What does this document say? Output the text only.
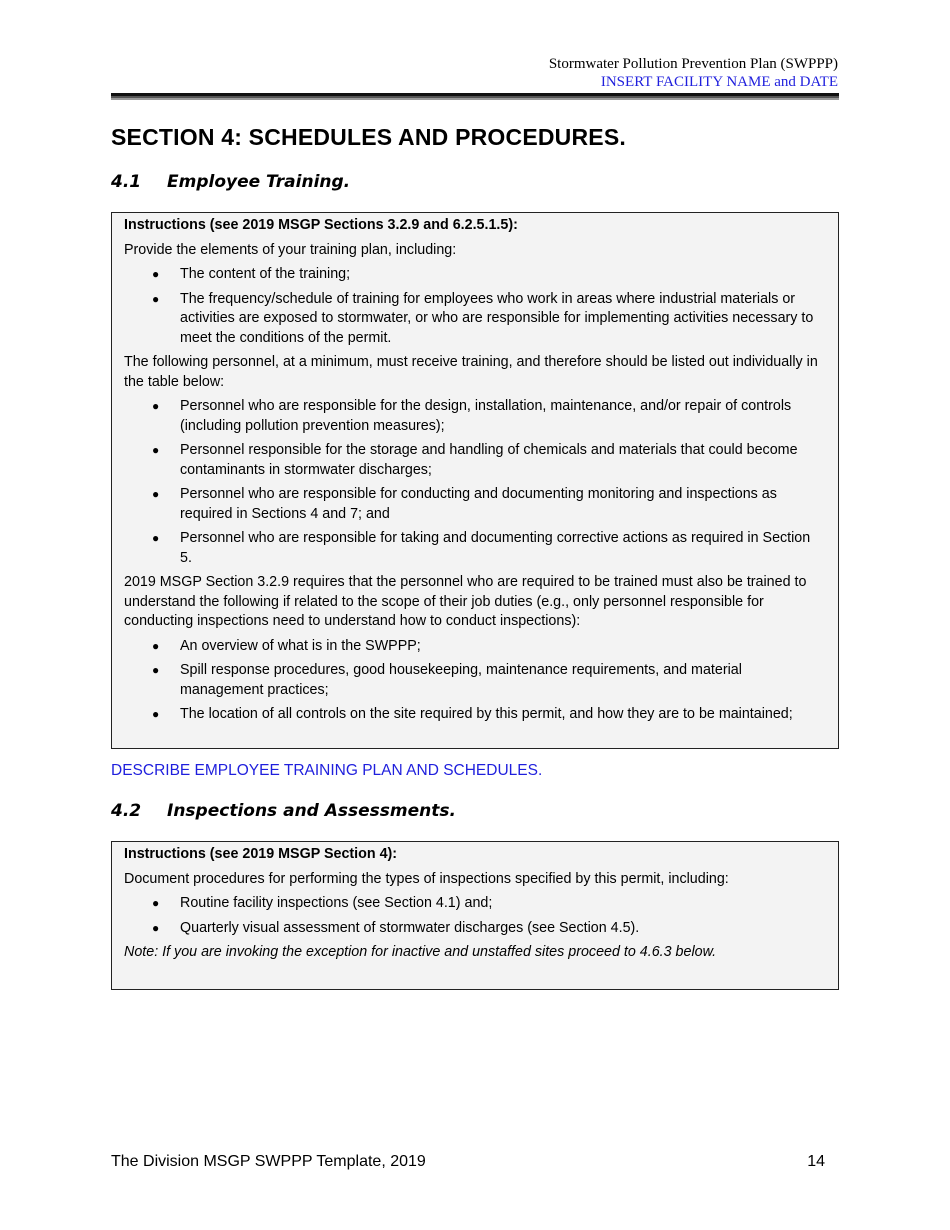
Stormwater Pollution Prevention Plan (SWPPP)
INSERT FACILITY NAME and DATE
SECTION 4: SCHEDULES AND PROCEDURES.
4.1	Employee Training.

Instructions (see 2019 MSGP Sections 3.2.9 and 6.2.5.1.5):

Provide the elements of your training plan, including:

● The content of the training;
● The frequency/schedule of training for employees who work in areas where industrial materials or activities are exposed to stormwater, or who are responsible for implementing activities necessary to meet the conditions of the permit.

The following personnel, at a minimum, must receive training, and therefore should be listed out individually in the table below:

● Personnel who are responsible for the design, installation, maintenance, and/or repair of controls (including pollution prevention measures);
● Personnel responsible for the storage and handling of chemicals and materials that could become contaminants in stormwater discharges;
● Personnel who are responsible for conducting and documenting monitoring and inspections as required in Sections 4 and 7; and
● Personnel who are responsible for taking and documenting corrective actions as required in Section 5.

2019 MSGP Section 3.2.9 requires that the personnel who are required to be trained must also be trained to understand the following if related to the scope of their job duties (e.g., only personnel responsible for conducting inspections need to understand how to conduct inspections):

● An overview of what is in the SWPPP;
● Spill response procedures, good housekeeping, maintenance requirements, and material management practices;
● The location of all controls on the site required by this permit, and how they are to be maintained;
DESCRIBE EMPLOYEE TRAINING PLAN AND SCHEDULES.
4.2	Inspections and Assessments.

Instructions (see 2019 MSGP Section 4):

Document procedures for performing the types of inspections specified by this permit, including:

● Routine facility inspections (see Section 4.1) and;
● Quarterly visual assessment of stormwater discharges (see Section 4.5).

Note: If you are invoking the exception for inactive and unstaffed sites proceed to 4.6.3 below.

The Division MSGP SWPPP Template, 2019	14
